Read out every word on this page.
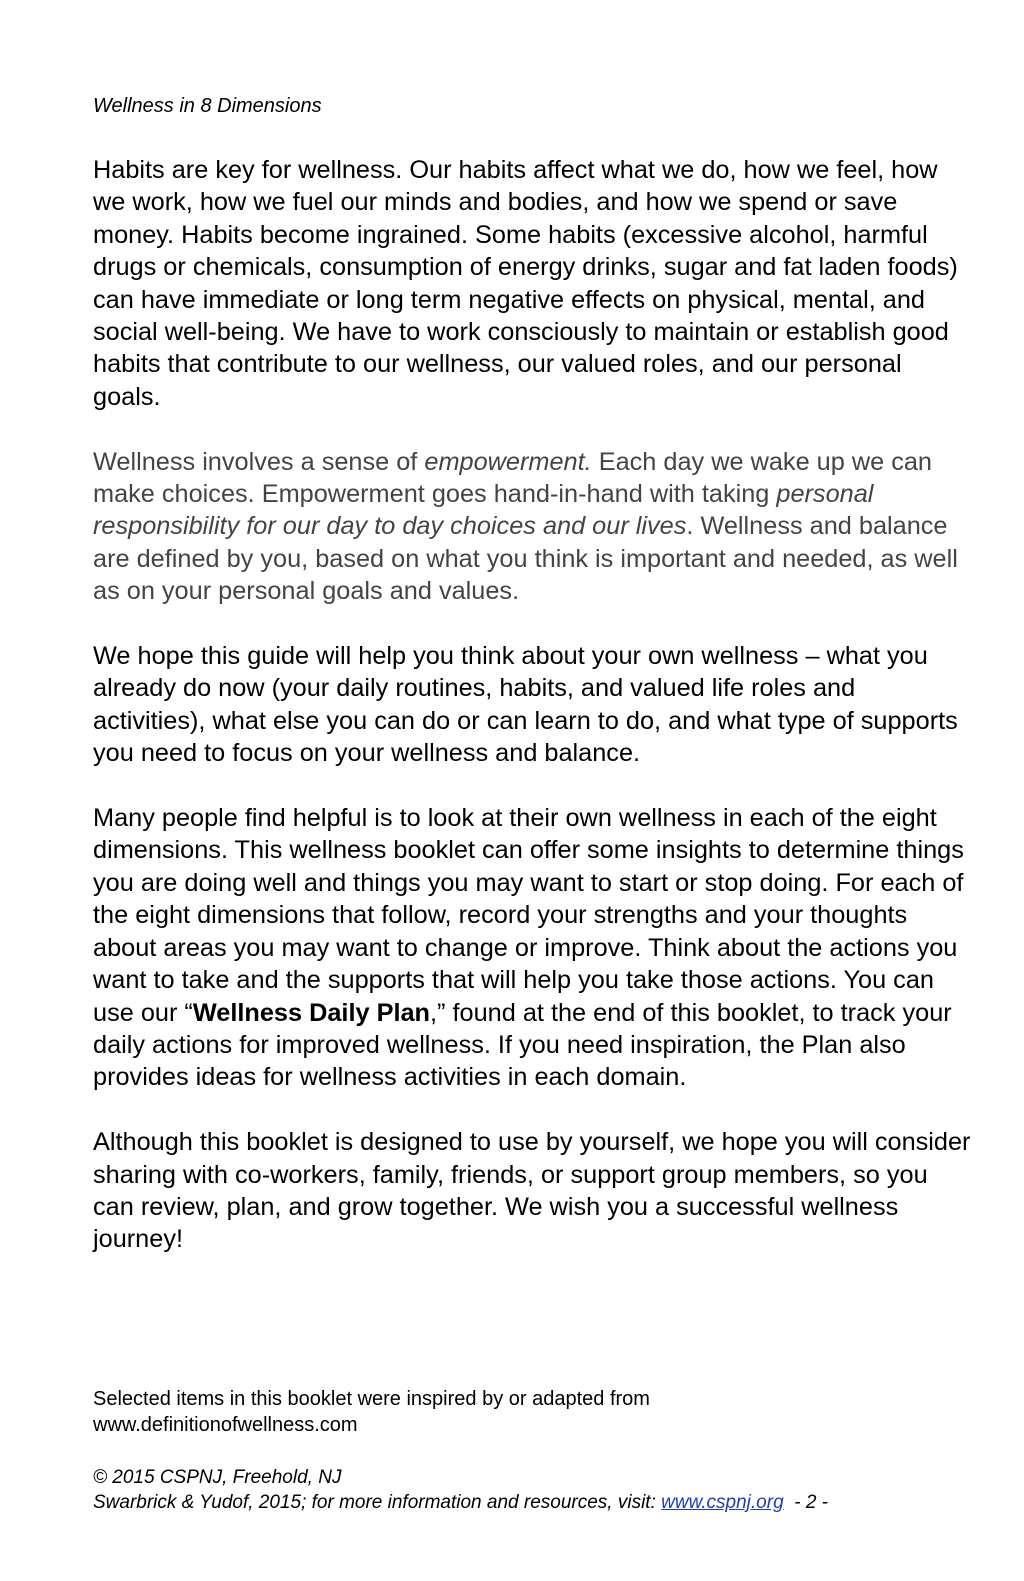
Wellness in 8 Dimensions

Habits are key for wellness. Our habits affect what we do, how we feel, how we work, how we fuel our minds and bodies, and how we spend or save money. Habits become ingrained. Some habits (excessive alcohol, harmful drugs or chemicals, consumption of energy drinks, sugar and fat laden foods) can have immediate or long term negative effects on physical, mental, and social well-being. We have to work consciously to maintain or establish good habits that contribute to our wellness, our valued roles, and our personal goals.

Wellness involves a sense of empowerment. Each day we wake up we can make choices. Empowerment goes hand-in-hand with taking personal responsibility for our day to day choices and our lives. Wellness and balance are defined by you, based on what you think is important and needed, as well as on your personal goals and values.

We hope this guide will help you think about your own wellness – what you already do now (your daily routines, habits, and valued life roles and activities), what else you can do or can learn to do, and what type of supports you need to focus on your wellness and balance.

Many people find helpful is to look at their own wellness in each of the eight dimensions. This wellness booklet can offer some insights to determine things you are doing well and things you may want to start or stop doing. For each of the eight dimensions that follow, record your strengths and your thoughts about areas you may want to change or improve. Think about the actions you want to take and the supports that will help you take those actions. You can use our “Wellness Daily Plan,” found at the end of this booklet, to track your daily actions for improved wellness. If you need inspiration, the Plan also provides ideas for wellness activities in each domain.

Although this booklet is designed to use by yourself, we hope you will consider sharing with co-workers, family, friends, or support group members, so you can review, plan, and grow together. We wish you a successful wellness journey!

Selected items in this booklet were inspired by or adapted from
www.definitionofwellness.com
© 2015 CSPNJ, Freehold, NJ
Swarbrick & Yudof, 2015; for more information and resources, visit: www.cspnj.org  - 2 -
